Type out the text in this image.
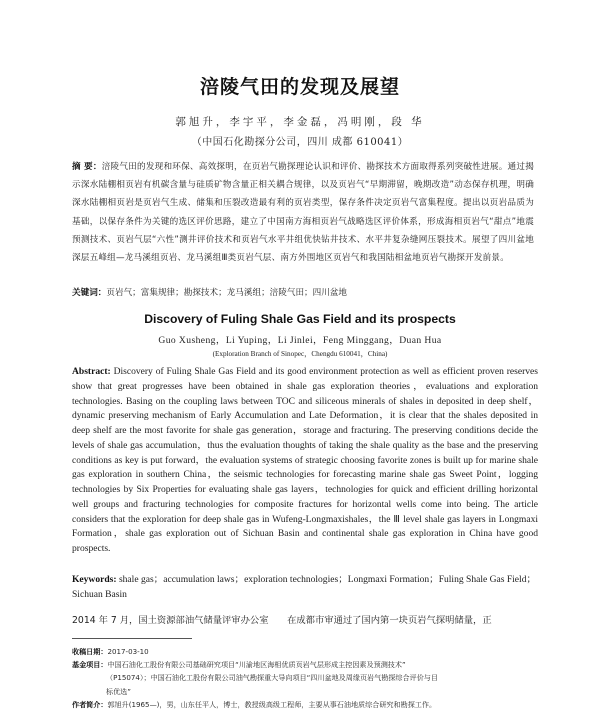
涪陵气田的发现及展望
郭旭升，李宇平，李金磊，冯明刚，段 华
（中国石化勘探分公司，四川 成都 610041）
摘 要：涪陵气田的发现和环保、高效探明，在页岩气勘探理论认识和评价、勘探技术方面取得系列突破性进展。通过揭示深水陆棚相页岩有机碳含量与硅质矿物含量正相关耦合规律，以及页岩气“早期滞留，晚期改造”动态保存机理，明确深水陆棚相页岩是页岩气生成、储集和压裂改造最有利的页岩类型，保存条件决定页岩气富集程度。提出以页岩品质为基础，以保存条件为关键的选区评价思路，建立了中国南方海相页岩气战略选区评价体系，形成海相页岩气“甜点”地震预测技术、页岩气层“六性”测井评价技术和页岩气水平井组优快钻井技术、水平井复杂缝网压裂技术。展望了四川盆地深层五峰组—龙马溪组页岩、龙马溪组Ⅲ类页岩气层、南方外围地区页岩气和我国陆相盆地页岩气勘探开发前景。
关键词：页岩气；富集规律；勘探技术；龙马溪组；涪陵气田；四川盆地
Discovery of Fuling Shale Gas Field and its prospects
Guo Xusheng，Li Yuping，Li Jinlei，Feng Minggang，Duan Hua
(Exploration Branch of Sinopec，Chengdu 610041，China)
Abstract: Discovery of Fuling Shale Gas Field and its good environment protection as well as efficient proven reserves show that great progresses have been obtained in shale gas exploration theories，evaluations and exploration technologies. Basing on the coupling laws between TOC and siliceous minerals of shales in deposited in deep shelf，dynamic preserving mechanism of Early Accumulation and Late Deformation，it is clear that the shales deposited in deep shelf are the most favorite for shale gas generation，storage and fracturing. The preserving conditions decide the levels of shale gas accumulation，thus the evaluation thoughts of taking the shale quality as the base and the preserving conditions as key is put forward，the evaluation systems of strategic choosing favorite zones is built up for marine shale gas exploration in southern China，the seismic technologies for forecasting marine shale gas Sweet Point，logging technologies by Six Properties for evaluating shale gas layers，technologies for quick and efficient drilling horizontal well groups and fracturing technologies for composite fractures for horizontal wells come into being. The article considers that the exploration for deep shale gas in Wufeng-Longmaxishales，the Ⅲ level shale gas layers in Longmaxi Formation，shale gas exploration out of Sichuan Basin and continental shale gas exploration in China have good prospects.
Keywords: shale gas；accumulation laws；exploration technologies；Longmaxi Formation；Fuling Shale Gas Field；Sichuan Basin
2014 年 7 月，国土资源部油气储量评审办公室　　在成都市审通过了国内第一块页岩气探明储量，正
收稿日期：2017-03-10
基金项目：中国石油化工股份有限公司基础研究项目“川渝地区海相优质页岩气层形成主控因素及预测技术”
（P15074）；中国石油化工股份有限公司油气勘探重大导向项目“四川盆地及周缘页岩气勘探综合评价与目
标优选”
作者简介：郭旭升(1965—)，男，山东任平人，博士，教授级高级工程师，主要从事石油地质综合研究和勘探工作。
